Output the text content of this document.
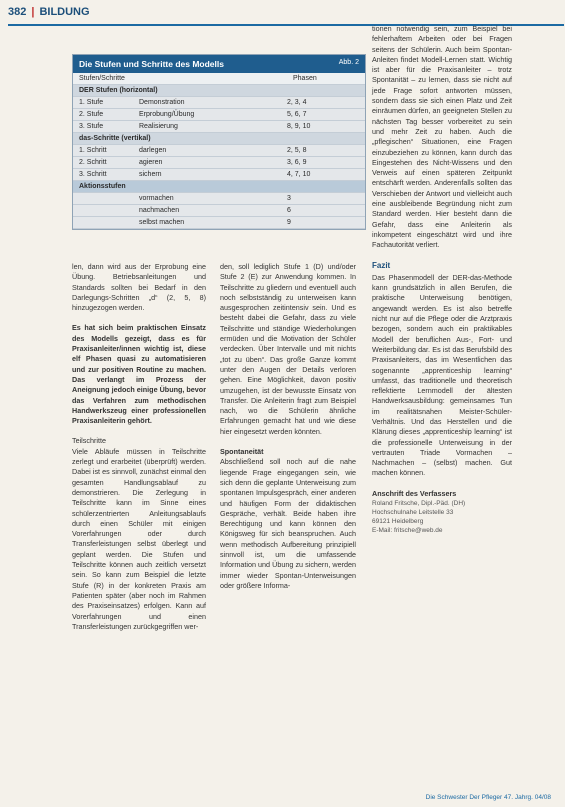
382 | BILDUNG
Die Stufen und Schritte des Modells	Abb. 2
Stufen/Schritte	Phasen
DER Stufen (horizontal)
1. Stufe	Demonstration	2, 3, 4
2. Stufe	Erprobung/Übung	5, 6, 7
3. Stufe	Realisierung	8, 9, 10
das-Schritte (vertikal)
1. Schritt	darlegen	2, 5, 8
2. Schritt	agieren	3, 6, 9
3. Schritt	sichern	4, 7, 10
Aktionsstufen
vormachen	3
nachmachen	6
selbst machen	9

len, dann wird aus der Erprobung eine Übung. Betriebsanleitungen und Standards sollten bei Bedarf in den Darlegungs-Schritten „d“ (2, 5, 8) hinzugezogen werden.

Es hat sich beim praktischen Einsatz des Modells gezeigt, dass es für Praxisanleiter/innen wichtig ist, diese elf Phasen quasi zu automatisieren und zur positiven Routine zu machen. Das verlangt im Prozess der Aneignung jedoch einige Übung, bevor das Verfahren zum methodischen Handwerkszeug einer professionellen Praxisanleiterin gehört.

Teilschritte

Viele Abläufe müssen in Teilschritte zerlegt und erarbeitet (überprüft) werden. Dabei ist es sinnvoll, zunächst einmal den gesamten Handlungsablauf zu demonstrieren. Die Zerlegung in Teilschritte kann im Sinne eines schülerzentrierten Anleitungsablaufs durch einen Schüler mit einigen Vorerfahrungen oder durch Transferleistungen selbst überlegt und geplant werden. Die Stufen und Teilschritte können auch zeitlich versetzt sein. So kann zum Beispiel die letzte Stufe (R) in der konkreten Praxis am Patienten später (aber noch im Rahmen des Praxiseinsatzes) erfolgen. Kann auf Vorerfahrungen und einen Transferleistungen zurückgegriffen wer-

den, soll lediglich Stufe 1 (D) und/oder Stufe 2 (E) zur Anwendung kommen. In Teilschritte zu gliedern und eventuell auch noch selbstständig zu unterweisen kann ausgesprochen zeitintensiv sein. Und es besteht dabei die Gefahr, dass zu viele Teilschritte und ständige Wiederholungen ermüden und die Motivation der Schüler verdecken. Über Intervalle und mit nichts „tot zu üben“. Das große Ganze kommt unter den Augen der Details verloren gehen. Eine Möglichkeit, davon positiv umzugehen, ist der bewusste Einsatz von Transfer. Die Anleiterin fragt zum Beispiel nach, wo die Schülerin ähnliche Erfahrungen gemacht hat und wie diese hier eingesetzt werden könnten.

Spontaneität

Abschließend soll noch auf die nahe liegende Frage eingegangen sein, wie sich denn die geplante Unterweisung zum spontanen Impulsgespräch, einer anderen und häufigen Form der didaktischen Gespräche, verhält. Beide haben ihre Berechtigung und kann können den Königsweg für sich beanspruchen. Auch wenn methodisch Aufbereitung prinzipiell sinnvoll ist, um die umfassende Information und Übung zu sichern, werden immer wieder Spontan-Unterweisungen oder größere Informa-

tionen notwendig sein, zum Beispiel bei fehlerhaftem Arbeiten oder bei Fragen seitens der Schülerin. Auch beim Spontan-Anleiten findet Modell-Lernen statt. Wichtig ist aber für die Praxisanleiter – trotz Spontanität – zu lernen, dass sie nicht auf jede Frage sofort antworten müssen, sondern dass sie sich einen Platz und Zeit einräumen dürfen, an geeigneten Stellen zu nächsten Tag besser vorbereitet zu sein und mehr Zeit zu haben. Auch die „pflegischen“ Situationen, eine Fragen einzubeziehen zu können, kann durch das Eingestehen des Nicht-Wissens und den Verweis auf einen späteren Zeitpunkt entschärft werden. Anderenfalls sollten das Verschieben der Antwort und vielleicht auch eine ausbleibende Begründung nicht zum Standard werden. Hier besteht dann die Gefahr, dass eine Anleiterin als inkompetent eingeschätzt wird und ihre Fachautorität verliert.

Fazit

Das Phasenmodell der DER-das-Methode kann grundsätzlich in allen Berufen, die praktische Unterweisung benötigen, angewandt werden. Es ist also betreffe nicht nur auf die Pflege oder die Arztpraxis bezogen, sondern auch ein praktikables Modell der beruflichen Aus-, Fort- und Weiterbildung dar. Es ist das Berufsbild des Praxisanleiters, das im Wesentlichen das sogenannte „apprenticeship learning“ umfasst, das traditionelle und theoretisch reflektierte Lernmodell der ältesten Handwerksausbildung: gemeinsames Tun im realitätsnahen Meister-Schüler-Verhältnis. Und das Herstellen und die Klärung dieses „apprenticeship learning“ ist die professionelle Unterweisung in der vertrauten Triade Vormachen – Nachmachen – (selbst) machen. Gut machen können.

Anschrift des Verfassers
Roland Fritsche, Dipl.-Päd. (DH)
Hochschulnahe Leitstelle 33
69121 Heidelberg
E-Mail: fritsche@web.de
Die Schwester Der Pfleger 47. Jahrg. 04/08
